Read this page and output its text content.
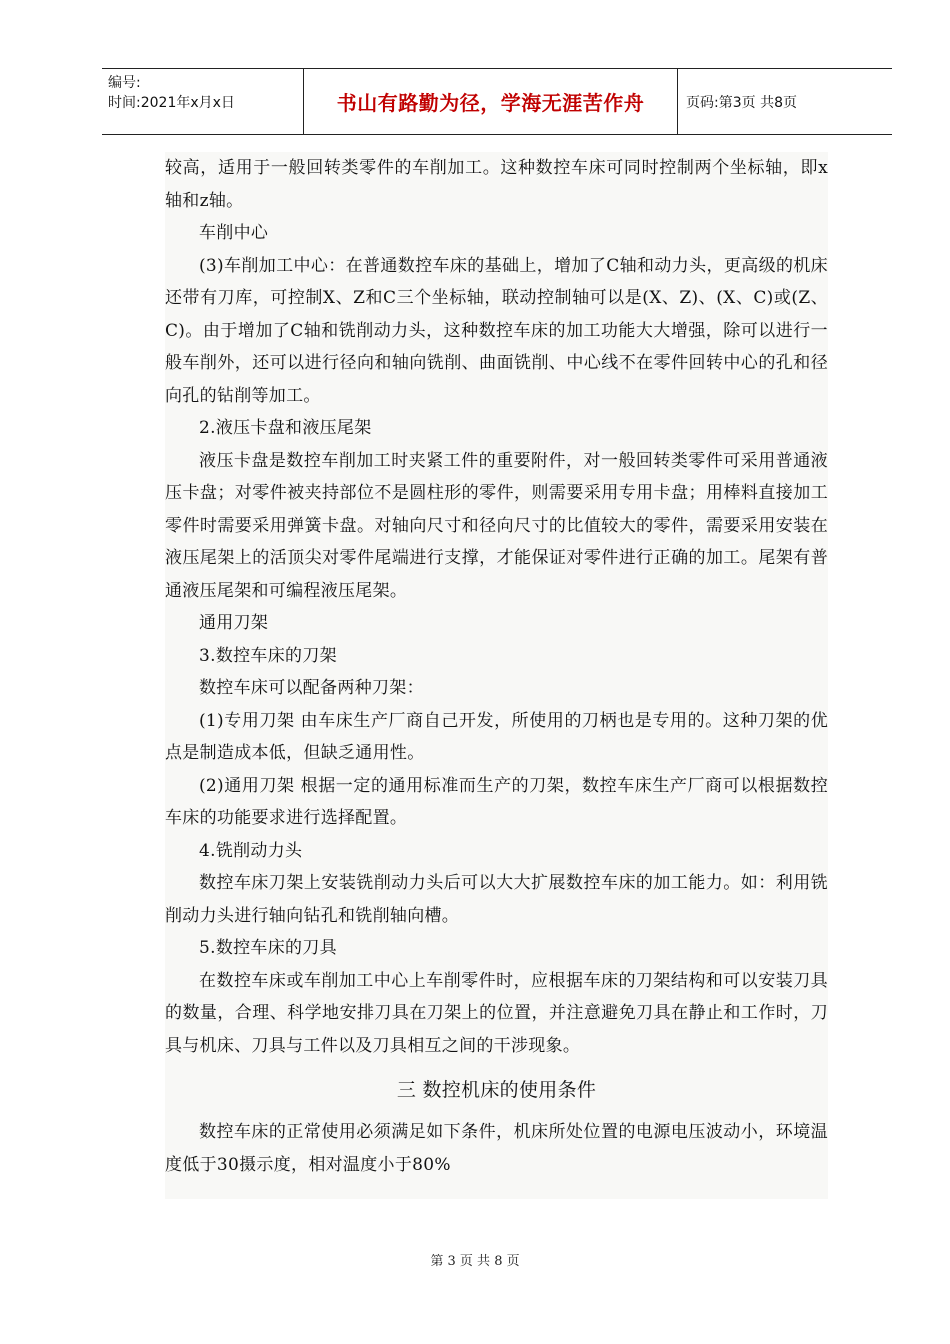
编号:
时间:2021年x月x日	书山有路勤为径，学海无涯苦作舟	页码:第3页 共8页

较高，适用于一般回转类零件的车削加工。这种数控车床可同时控制两个坐标轴，即x轴和z轴。

车削中心

(3)车削加工中心：在普通数控车床的基础上，增加了C轴和动力头，更高级的机床还带有刀库，可控制X、Z和C三个坐标轴，联动控制轴可以是(X、Z)、(X、C)或(Z、C)。由于增加了C轴和铣削动力头，这种数控车床的加工功能大大增强，除可以进行一般车削外，还可以进行径向和轴向铣削、曲面铣削、中心线不在零件回转中心的孔和径向孔的钻削等加工。

2.液压卡盘和液压尾架

液压卡盘是数控车削加工时夹紧工件的重要附件，对一般回转类零件可采用普通液压卡盘；对零件被夹持部位不是圆柱形的零件，则需要采用专用卡盘；用棒料直接加工零件时需要采用弹簧卡盘。对轴向尺寸和径向尺寸的比值较大的零件，需要采用安装在液压尾架上的活顶尖对零件尾端进行支撑，才能保证对零件进行正确的加工。尾架有普通液压尾架和可编程液压尾架。

通用刀架

3.数控车床的刀架

数控车床可以配备两种刀架：

(1)专用刀架 由车床生产厂商自己开发，所使用的刀柄也是专用的。这种刀架的优点是制造成本低，但缺乏通用性。

(2)通用刀架 根据一定的通用标准而生产的刀架，数控车床生产厂商可以根据数控车床的功能要求进行选择配置。

4.铣削动力头

数控车床刀架上安装铣削动力头后可以大大扩展数控车床的加工能力。如：利用铣削动力头进行轴向钻孔和铣削轴向槽。

5.数控车床的刀具

在数控车床或车削加工中心上车削零件时，应根据车床的刀架结构和可以安装刀具的数量，合理、科学地安排刀具在刀架上的位置，并注意避免刀具在静止和工作时，刀具与机床、刀具与工件以及刀具相互之间的干涉现象。

三 数控机床的使用条件

数控车床的正常使用必须满足如下条件，机床所处位置的电源电压波动小，环境温度低于30摄示度，相对温度小于80%

第 3 页 共 8 页
